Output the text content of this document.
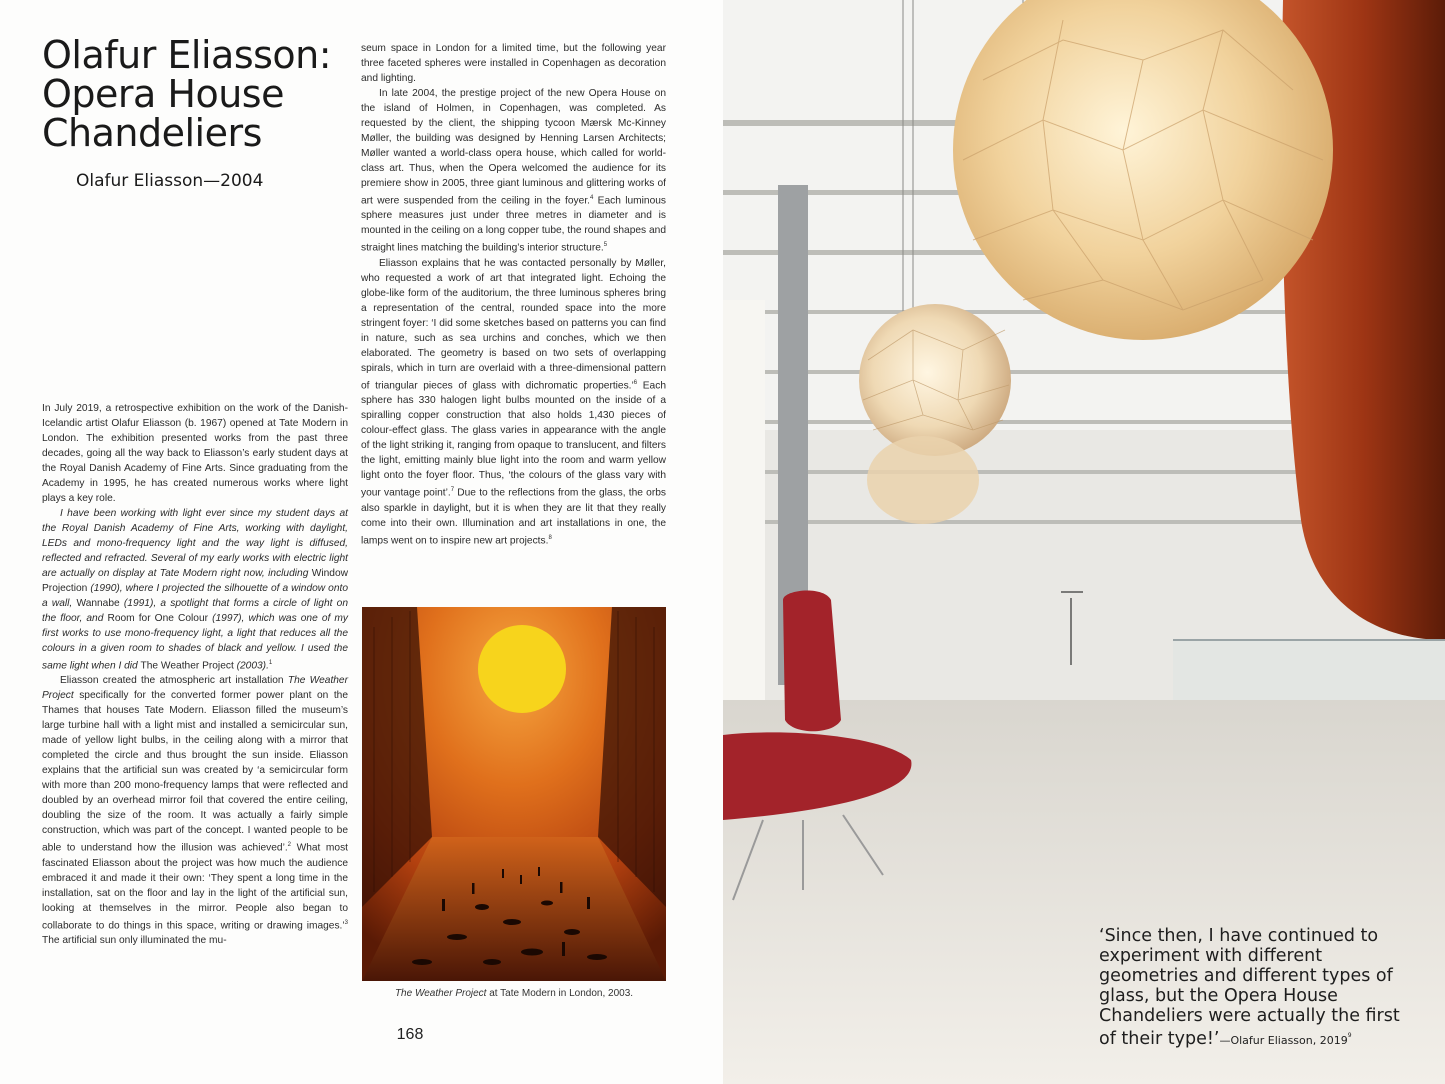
Olafur Eliasson:
Opera House
Chandeliers
Olafur Eliasson—2004

In July 2019, a retrospective exhibition on the work of the Danish-Icelandic artist Olafur Eliasson (b. 1967) opened at Tate Modern in London. The exhibition presented works from the past three decades, going all the way back to Eliasson’s early student days at the Royal Danish Academy of Fine Arts. Since graduating from the Academy in 1995, he has created numerous works where light plays a key role.

I have been working with light ever since my student days at the Royal Danish Academy of Fine Arts, working with daylight, LEDs and mono-frequency light and the way light is diffused, reflected and refracted. Several of my early works with electric light are actually on display at Tate Modern right now, including Window Projection (1990), where I projected the silhouette of a window onto a wall, Wannabe (1991), a spotlight that forms a circle of light on the floor, and Room for One Colour (1997), which was one of my first works to use mono-frequency light, a light that reduces all the colours in a given room to shades of black and yellow. I used the same light when I did The Weather Project (2003).$^1$

Eliasson created the atmospheric art installation The Weather Project specifically for the converted former power plant on the Thames that houses Tate Modern. Eliasson filled the museum’s large turbine hall with a light mist and installed a semicircular sun, made of yellow light bulbs, in the ceiling along with a mirror that completed the circle and thus brought the sun inside. Eliasson explains that the artificial sun was created by ‘a semicircular form with more than 200 mono-frequency lamps that were reflected and doubled by an overhead mirror foil that covered the entire ceiling, doubling the size of the room. It was actually a fairly simple construction, which was part of the concept. I wanted people to be able to understand how the illusion was achieved’.$^2$ What most fascinated Eliasson about the project was how much the audience embraced it and made it their own: ‘They spent a long time in the installation, sat on the floor and lay in the light of the artificial sun, looking at themselves in the mirror. People also began to collaborate to do things in this space, writing or drawing images.’$^3$ The artificial sun only illuminated the mu-

seum space in London for a limited time, but the following year three faceted spheres were installed in Copenhagen as decoration and lighting.

In late 2004, the prestige project of the new Opera House on the island of Holmen, in Copenhagen, was completed. As requested by the client, the shipping tycoon Mærsk Mc-Kinney Møller, the building was designed by Henning Larsen Architects; Møller wanted a world-class opera house, which called for world-class art. Thus, when the Opera welcomed the audience for its premiere show in 2005, three giant luminous and glittering works of art were suspended from the ceiling in the foyer.$^4$ Each luminous sphere measures just under three metres in diameter and is mounted in the ceiling on a long copper tube, the round shapes and straight lines matching the building’s interior structure.$^5$

Eliasson explains that he was contacted personally by Møller, who requested a work of art that integrated light. Echoing the globe-like form of the auditorium, the three luminous spheres bring a representation of the central, rounded space into the more stringent foyer: ‘I did some sketches based on patterns you can find in nature, such as sea urchins and conches, which we then elaborated. The geometry is based on two sets of overlapping spirals, which in turn are overlaid with a three-dimensional pattern of triangular pieces of glass with dichromatic properties.’$^6$ Each sphere has 330 halogen light bulbs mounted on the inside of a spiralling copper construction that also holds 1,430 pieces of colour-effect glass. The glass varies in appearance with the angle of the light striking it, ranging from opaque to translucent, and filters the light, emitting mainly blue light into the room and warm yellow light onto the foyer floor. Thus, ‘the colours of the glass vary with your vantage point’.$^7$ Due to the reflections from the glass, the orbs also sparkle in daylight, but it is when they are lit that they really come into their own. Illumination and art installations in one, the lamps went on to inspire new art projects.$^8$

The Weather Project at Tate Modern in London, 2003.
168

‘Since then, I have continued to experiment with different geometries and different types of glass, but the Opera House Chandeliers were actually the first of their type!’—Olafur Eliasson, 2019$^9$
